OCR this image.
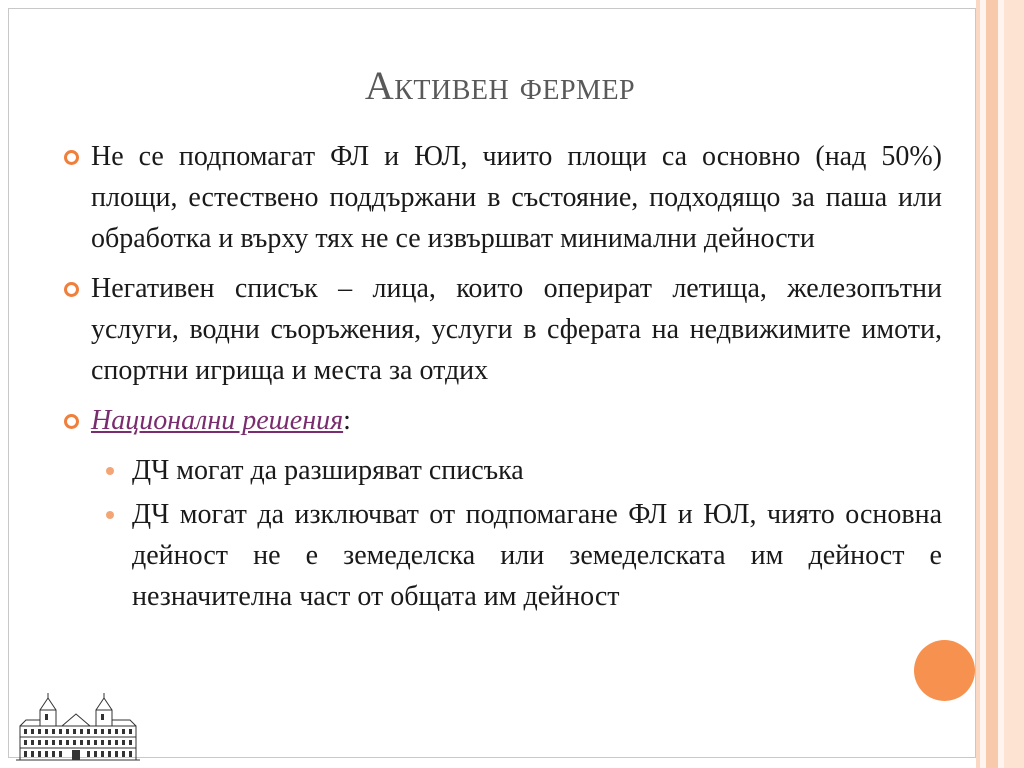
Активен фермер
Не се подпомагат ФЛ и ЮЛ, чиито площи са основно (над 50%) площи, естествено поддържани в състояние, подходящо за паша или обработка и върху тях не се извършват минимални дейности
Негативен списък – лица, които оперират летища, железопътни услуги, водни съоръжения, услуги в сферата на недвижимите имоти, спортни игрища и места за отдих
Национални решения:
ДЧ могат да разширяват списъка
ДЧ могат да изключват от подпомагане ФЛ и ЮЛ, чиято основна дейност не е земеделска или земеделската им дейност е незначителна част от общата им дейност
